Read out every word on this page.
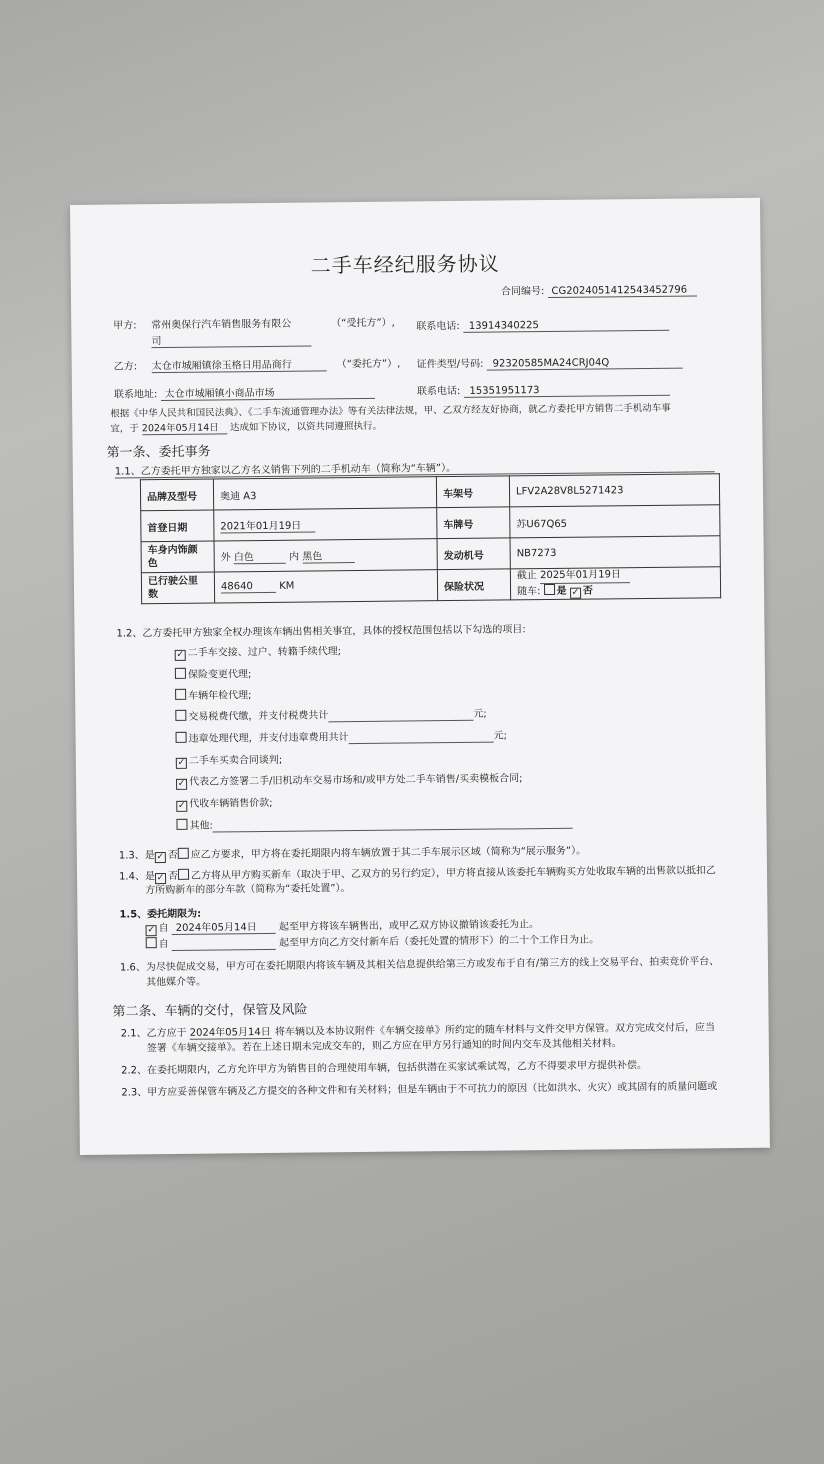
二手车经纪服务协议
合同编号: CG20240514125434527​96
甲方: 常州奥保行汽车销售服务有限公
司
（“受托方”）, 联系电话: 13914340225
乙方: 太仓市城厢镇徐玉格日用品商行	（“委托方”）, 证件类型/号码: 92320585MA24CRJ04Q
联系地址: 太仓市城厢镇小商品市场	联系电话: 15351951173
根据《中华人民共和国民法典》、《二手车流通管理办法》等有关法律法规，甲、乙双方经友好协商，就乙方委托甲方销售二手机动车事
宜，于 2024年05月14日 达成如下协议，以资共同遵照执行。
第一条、委托事务
1.1、乙方委托甲方独家以乙方名义销售下列的二手机动车（简称为“车辆”）。
品牌及型号	奥迪 A3	车架号	LFV2A28V8L5271423
首登日期	2021年01月19日	车牌号	苏U67Q65
车身内饰颜
色	外 白色 内 黑色	发动机号	NB7273
已行驶公里
数	48640 KM	保险状况	截止 2025年01月19日
随车: 是 ✓ 否
1.2、乙方委托甲方独家全权办理该车辆出售相关事宜，具体的授权范围包括以下勾选的项目:
✓ 二手车交接、过户、转籍手续代理;
保险变更代理;
车辆年检代理;
交易税费代缴，并支付税费共计	元;
违章处理代理，并支付违章费用共计	元;
✓ 二手车买卖合同谈判;
✓ 代表乙方签署二手/旧机动车交易市场和/或甲方处二手车销售/买卖模板合同;
✓ 代收车辆销售价款;
其他:
1.3、是 ✓ 否 应乙方要求，甲方将在委托期限内将车辆放置于其二手车展示区域（简称为“展示服务”）。
1.4、是 ✓ 否 乙方将从甲方购买新车（取决于甲、乙双方的另行约定），甲方将直接从该委托车辆购买方处收取车辆的出售款以抵扣乙
方所购新车的部分车款（简称为“委托处置”）。
1.5、委托期限为:
✓ 自 2024年05月14日 起至甲方将该车辆售出，或甲乙双方协议撤销该委托为止。
自	起至甲方向乙方交付新车后（委托处置的情形下）的二十个工作日为止。
1.6、为尽快促成交易，甲方可在委托期限内将该车辆及其相关信息提供给第三方或发布于自有/第三方的线上交易平台、拍卖竞价平台、
其他媒介等。
第二条、车辆的交付，保管及风险
2.1、乙方应于 2024年05月14日 将车辆以及本协议附件《车辆交接单》所约定的随车材料与文件交甲方保管。双方完成交付后，应当
签署《车辆交接单》。若在上述日期未完成交车的，则乙方应在甲方另行通知的时间内交车及其他相关材料。
2.2、在委托期限内，乙方允许甲方为销售目的合理使用车辆，包括供潜在买家试乘试驾，乙方不得要求甲方提供补偿。
2.3、甲方应妥善保管车辆及乙方提交的各种文件和有关材料；但是车辆由于不可抗力的原因（比如洪水、火灾）或其固有的质量问题或
